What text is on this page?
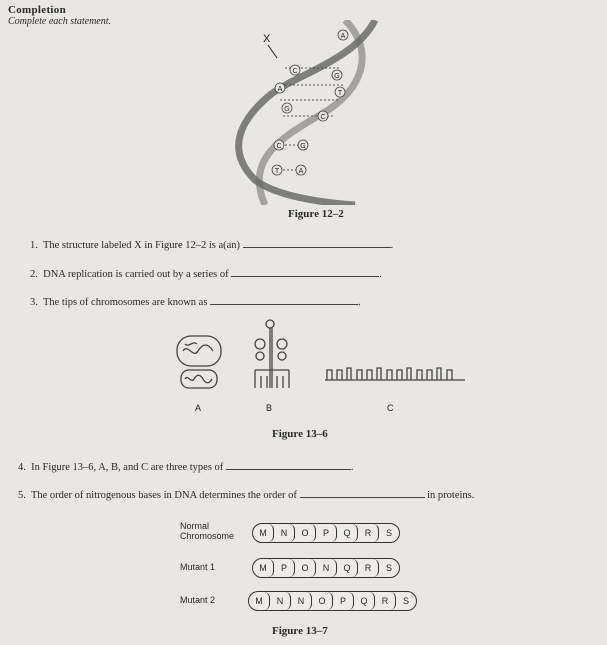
Completion
Complete each statement.
X	A
C
G
A
T
G
C
C	G
T	A
Figure 12–2
1. The structure labeled X in Figure 12–2 is a(an)	.
2. DNA replication is carried out by a series of	.
3. The tips of chromosomes are known as	.
A	B	C
Figure 13–6
4. In Figure 13–6, A, B, and C are three types of	.
5. The order of nitrogenous bases in DNA determines the order of	in proteins.
Normal
Chromosome	M	N	O	P	Q	R	S
Mutant 1	M	P	O	N	Q	R	S
Mutant 2	M	N	N	O	P	Q	R	S
Figure 13–7
